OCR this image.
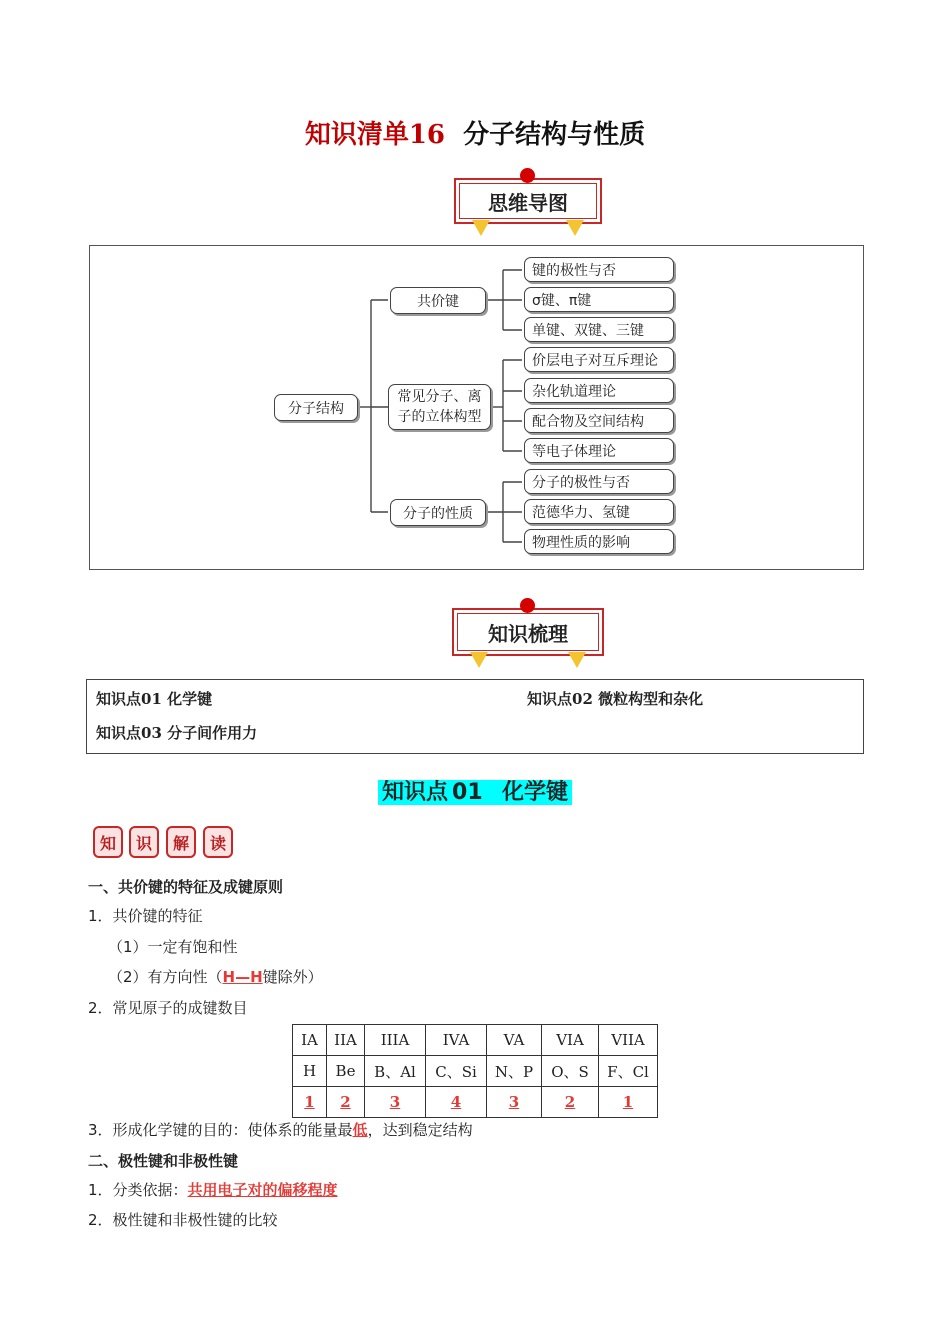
知识清单16 分子结构与性质
思维导图
分子结构
共价键
常见分子、离
子的立体构型
分子的性质
键的极性与否
σ键、π键
单键、双键、三键
价层电子对互斥理论
杂化轨道理论
配合物及空间结构
等电子体理论
分子的极性与否
范德华力、氢键
物理性质的影响
知识梳理
知识点01 化学键	知识点02 微粒构型和杂化
知识点03 分子间作用力
知识点 01 化学键
知	识	解	读
一、共价键的特征及成键原则
1．共价键的特征
（1）一定有饱和性
（2）有方向性（H—H键除外）
2．常见原子的成键数目
IA	IIA	IIIA	IVA	VA	VIA	VIIA
H	Be	B、Al	C、Si	N、P	O、S	F、Cl
1	2	3	4	3	2	1
3．形成化学键的目的：使体系的能量最低，达到稳定结构
二、极性键和非极性键
1．分类依据：共用电子对的偏移程度
2．极性键和非极性键的比较
